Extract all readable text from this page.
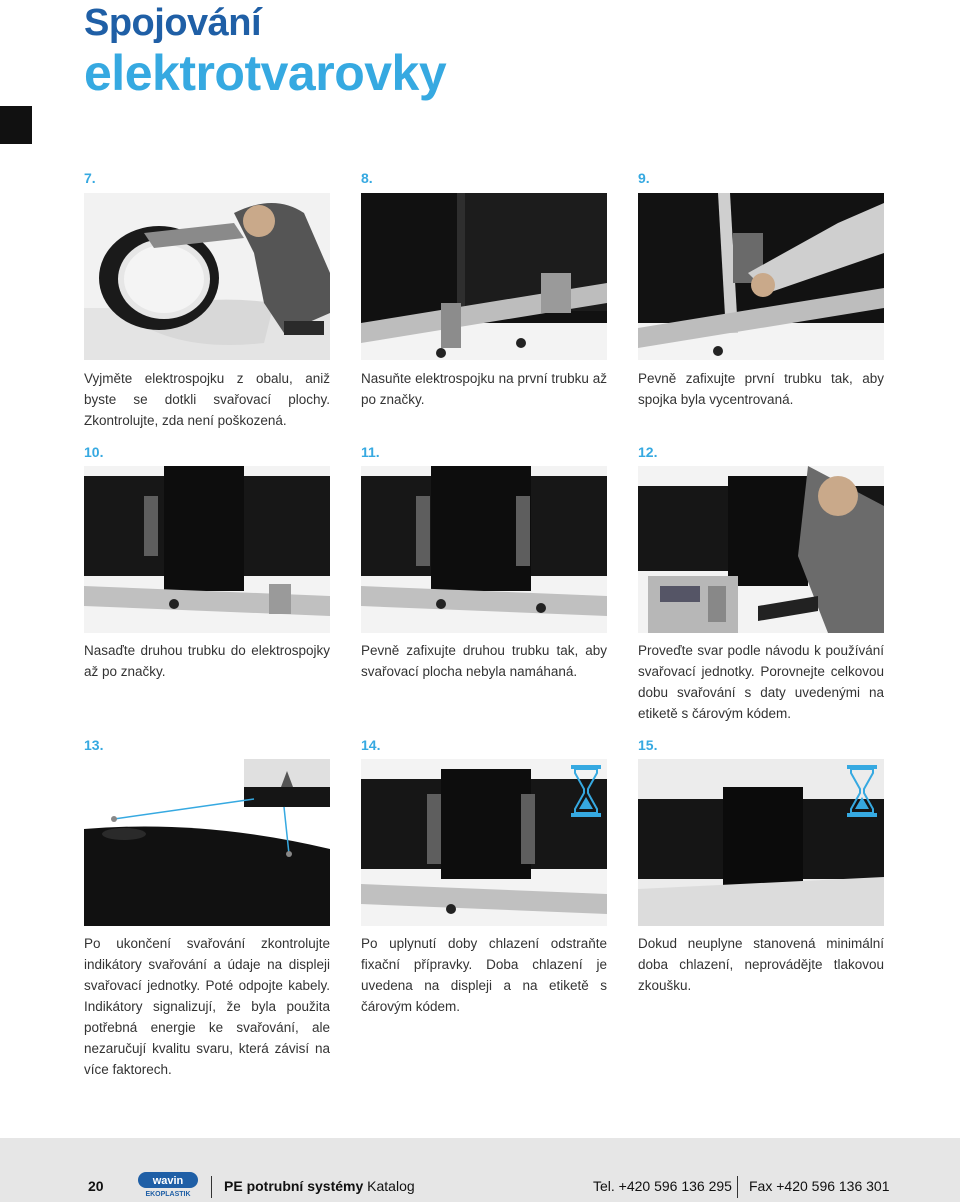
Spojování
elektrotvarovky
7.	8.	9.
Vyjměte elektrospojku z obalu, aniž byste se dotkli svařovací plochy. Zkontrolujte, zda není poškozená.
Nasuňte elektrospojku na první trubku až po značky.
Pevně zafixujte první trubku tak, aby spojka byla vycentrovaná.
10.	11.	12.
Nasaďte druhou trubku do elektrospojky až po značky.
Pevně zafixujte druhou trubku tak, aby svařovací plocha nebyla namáhaná.
Proveďte svar podle návodu k používání svařovací jednotky. Porovnejte celkovou dobu svařování s daty uvedenými na etiketě s čárovým kódem.
13.	14.	15.
Po ukončení svařování zkontrolujte indikátory svařování a údaje na displeji svařovací jednotky. Poté odpojte kabely. Indikátory signalizují, že byla použita potřebná energie ke svařování, ale nezaručují kvalitu svaru, která závisí na více faktorech.
Po uplynutí doby chlazení odstraňte fixační přípravky. Doba chlazení je uvedena na displeji a na etiketě s čárovým kódem.
Dokud neuplyne stanovená minimální doba chlazení, neprovádějte tlakovou zkoušku.
20	wavin
EKOPLASTIK
PE potrubní systémy Katalog	Tel. +420 596 136 295 Fax +420 596 136 301
